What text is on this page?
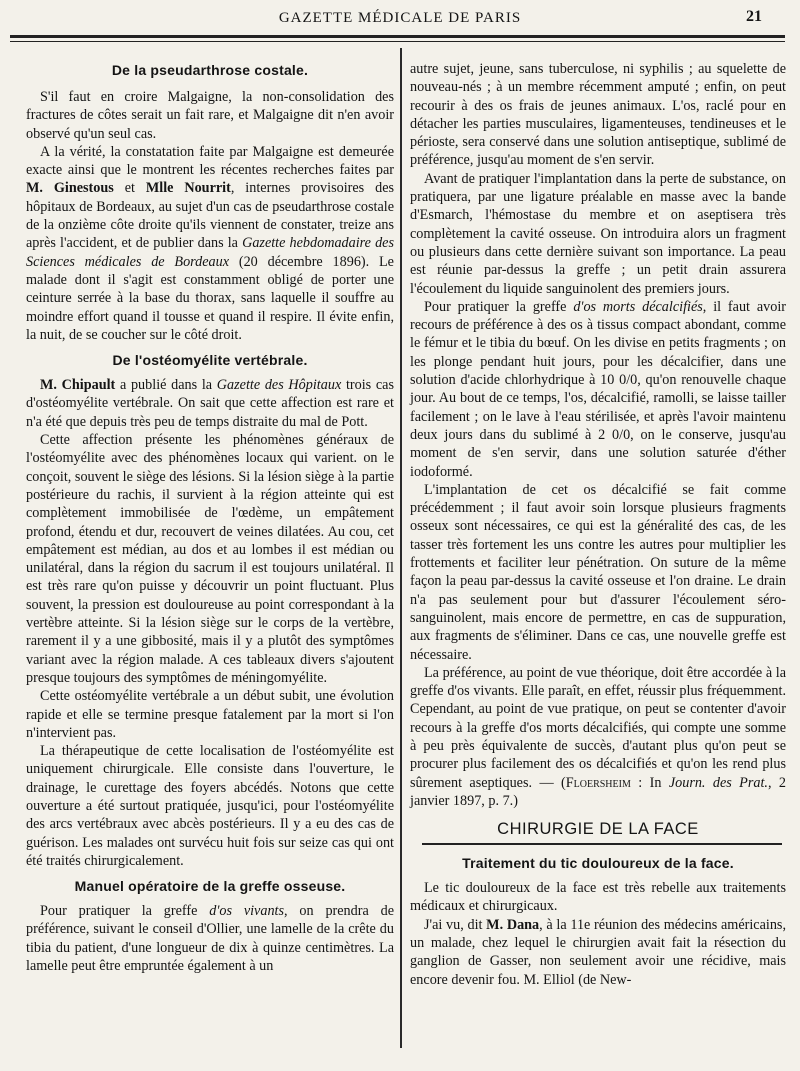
GAZETTE MÉDICALE DE PARIS	21
De la pseudarthrose costale.

S'il faut en croire Malgaigne, la non-consolidation des fractures de côtes serait un fait rare, et Malgaigne dit n'en avoir observé qu'un seul cas.

A la vérité, la constatation faite par Malgaigne est demeurée exacte ainsi que le montrent les récentes recherches faites par M. Ginestous et Mlle Nourrit, internes provisoires des hôpitaux de Bordeaux, au sujet d'un cas de pseudarthrose costale de la onzième côte droite qu'ils viennent de constater, treize ans après l'accident, et de publier dans la Gazette hebdomadaire des Sciences médicales de Bordeaux (20 décembre 1896). Le malade dont il s'agit est constamment obligé de porter une ceinture serrée à la base du thorax, sans laquelle il souffre au moindre effort quand il tousse et quand il respire. Il évite enfin, la nuit, de se coucher sur le côté droit.

De l'ostéomyélite vertébrale.

M. Chipault a publié dans la Gazette des Hôpitaux trois cas d'ostéomyélite vertébrale. On sait que cette affection est rare et n'a été que depuis très peu de temps distraite du mal de Pott.

Cette affection présente les phénomènes généraux de l'ostéomyélite avec des phénomènes locaux qui varient. on le conçoit, souvent le siège des lésions. Si la lésion siège à la partie postérieure du rachis, il survient à la région atteinte qui est complètement immobilisée de l'œdème, un empâtement profond, étendu et dur, recouvert de veines dilatées. Au cou, cet empâtement est médian, au dos et au lombes il est médian ou unilatéral, dans la région du sacrum il est toujours unilatéral. Il est très rare qu'on puisse y découvrir un point fluctuant. Plus souvent, la pression est douloureuse au point correspondant à la vertèbre atteinte. Si la lésion siège sur le corps de la vertèbre, rarement il y a une gibbosité, mais il y a plutôt des symptômes variant avec la région malade. A ces tableaux divers s'ajoutent presque toujours des symptômes de méningomyélite.

Cette ostéomyélite vertébrale a un début subit, une évolution rapide et elle se termine presque fatalement par la mort si l'on n'intervient pas.

La thérapeutique de cette localisation de l'ostéomyélite est uniquement chirurgicale. Elle consiste dans l'ouverture, le drainage, le curettage des foyers abcédés. Notons que cette ouverture a été surtout pratiquée, jusqu'ici, pour l'ostéomyélite des arcs vertébraux avec abcès postérieurs. Il y a eu des cas de guérison. Les malades ont survécu huit fois sur seize cas qui ont été traités chirurgicalement.

Manuel opératoire de la greffe osseuse.

Pour pratiquer la greffe d'os vivants, on prendra de préférence, suivant le conseil d'Ollier, une lamelle de la crête du tibia du patient, d'une longueur de dix à quinze centimètres. La lamelle peut être empruntée également à un

autre sujet, jeune, sans tuberculose, ni syphilis ; au squelette de nouveau-nés ; à un membre récemment amputé ; enfin, on peut recourir à des os frais de jeunes animaux. L'os, raclé pour en détacher les parties musculaires, ligamenteuses, tendineuses et le périoste, sera conservé dans une solution antiseptique, sublimé de préférence, jusqu'au moment de s'en servir.

Avant de pratiquer l'implantation dans la perte de substance, on pratiquera, par une ligature préalable en masse avec la bande d'Esmarch, l'hémostase du membre et on aseptisera très complètement la cavité osseuse. On introduira alors un fragment ou plusieurs dans cette dernière suivant son importance. La peau est réunie par-dessus la greffe ; un petit drain assurera l'écoulement du liquide sanguinolent des premiers jours.

Pour pratiquer la greffe d'os morts décalcifiés, il faut avoir recours de préférence à des os à tissus compact abondant, comme le fémur et le tibia du bœuf. On les divise en petits fragments ; on les plonge pendant huit jours, pour les décalcifier, dans une solution d'acide chlorhydrique à 10 0/0, qu'on renouvelle chaque jour. Au bout de ce temps, l'os, décalcifié, ramolli, se laisse tailler facilement ; on le lave à l'eau stérilisée, et après l'avoir maintenu deux jours dans du sublimé à 2 0/0, on le conserve, jusqu'au moment de s'en servir, dans une solution saturée d'éther iodoformé.

L'implantation de cet os décalcifié se fait comme précédemment ; il faut avoir soin lorsque plusieurs fragments osseux sont nécessaires, ce qui est la généralité des cas, de les tasser très fortement les uns contre les autres pour multiplier les frottements et faciliter leur pénétration. On suture de la même façon la peau par-dessus la cavité osseuse et l'on draine. Le drain n'a pas seulement pour but d'assurer l'écoulement séro-sanguinolent, mais encore de permettre, en cas de suppuration, aux fragments de s'éliminer. Dans ce cas, une nouvelle greffe est nécessaire.

La préférence, au point de vue théorique, doit être accordée à la greffe d'os vivants. Elle paraît, en effet, réussir plus fréquemment. Cependant, au point de vue pratique, on peut se contenter d'avoir recours à la greffe d'os morts décalcifiés, qui compte une somme à peu près équivalente de succès, d'autant plus qu'on peut se procurer plus facilement des os décalcifiés et qu'on les rend plus sûrement aseptiques. — (Floersheim : In Journ. des Prat., 2 janvier 1897, p. 7.)

CHIRURGIE DE LA FACE
Traitement du tic douloureux de la face.

Le tic douloureux de la face est très rebelle aux traitements médicaux et chirurgicaux.

J'ai vu, dit M. Dana, à la 11e réunion des médecins américains, un malade, chez lequel le chirurgien avait fait la résection du ganglion de Gasser, non seulement avoir une récidive, mais encore devenir fou. M. Elliol (de New-
